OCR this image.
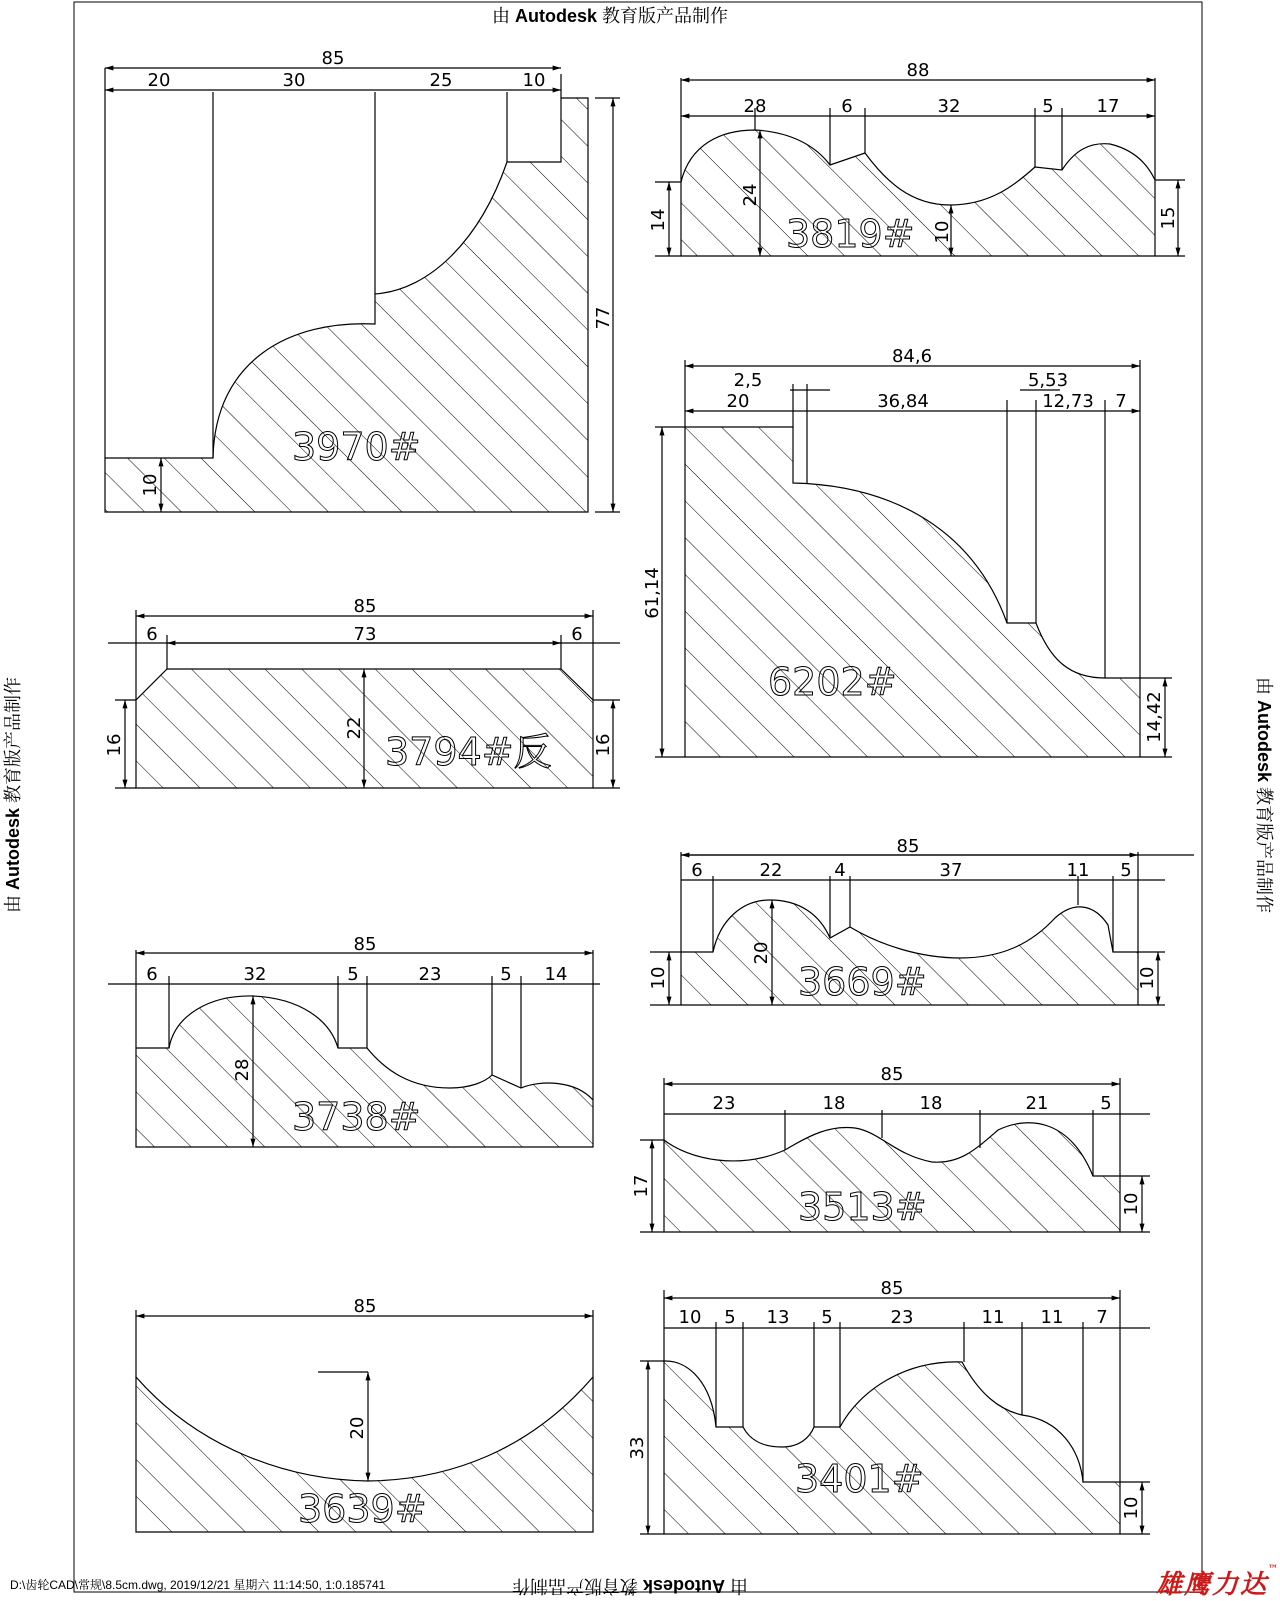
85
20	30	25	10
77
10
3970#
88
28	6	32	5 17
24
14
10
15
3819#
84,6
2,5
20	36,84
5,53
12,73 7
61,14
14,42
6202#
85
6	73	6
16
22
16
3794#反
85
6	22	4	37	11 5
10
20
10
3669#
85
6	32	5	23	5 14
28
3738#
85
23	18	18	21	5
17
10
3513#
85
20
3639#
85
10 5 13 5	23	11 11 7
33
10
3401#
由 Autodesk 教育版产品制作
由 Autodesk 教育版产品制作
由 Autodesk 教育版产品制作	由 Autodesk 教育版产品制作
D:\齿轮CAD\常规\8.5cm.dwg, 2019/12/21 星期六 11:14:50, 1:0.185741	雄鹰力达™
